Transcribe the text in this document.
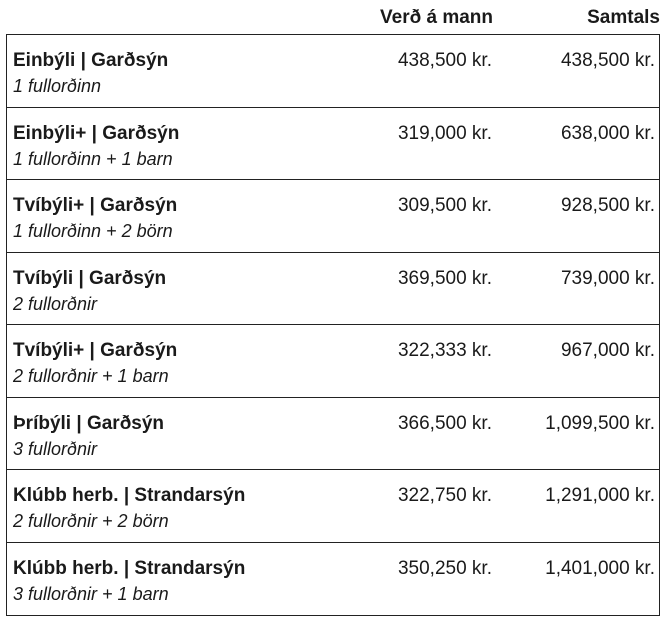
Verð á mann	Samtals
Einbýli | Garðsýn
1 fullorðinn
438,500 kr.	438,500 kr.
Einbýli+ | Garðsýn
1 fullorðinn + 1 barn
319,000 kr.	638,000 kr.
Tvíbýli+ | Garðsýn
1 fullorðinn + 2 börn
309,500 kr.	928,500 kr.
Tvíbýli | Garðsýn
2 fullorðnir
369,500 kr.	739,000 kr.
Tvíbýli+ | Garðsýn
2 fullorðnir + 1 barn
322,333 kr.	967,000 kr.
Þríbýli | Garðsýn
3 fullorðnir
366,500 kr.	1,099,500 kr.
Klúbb herb. | Strandarsýn
2 fullorðnir + 2 börn
322,750 kr.	1,291,000 kr.
Klúbb herb. | Strandarsýn
3 fullorðnir + 1 barn
350,250 kr.	1,401,000 kr.
